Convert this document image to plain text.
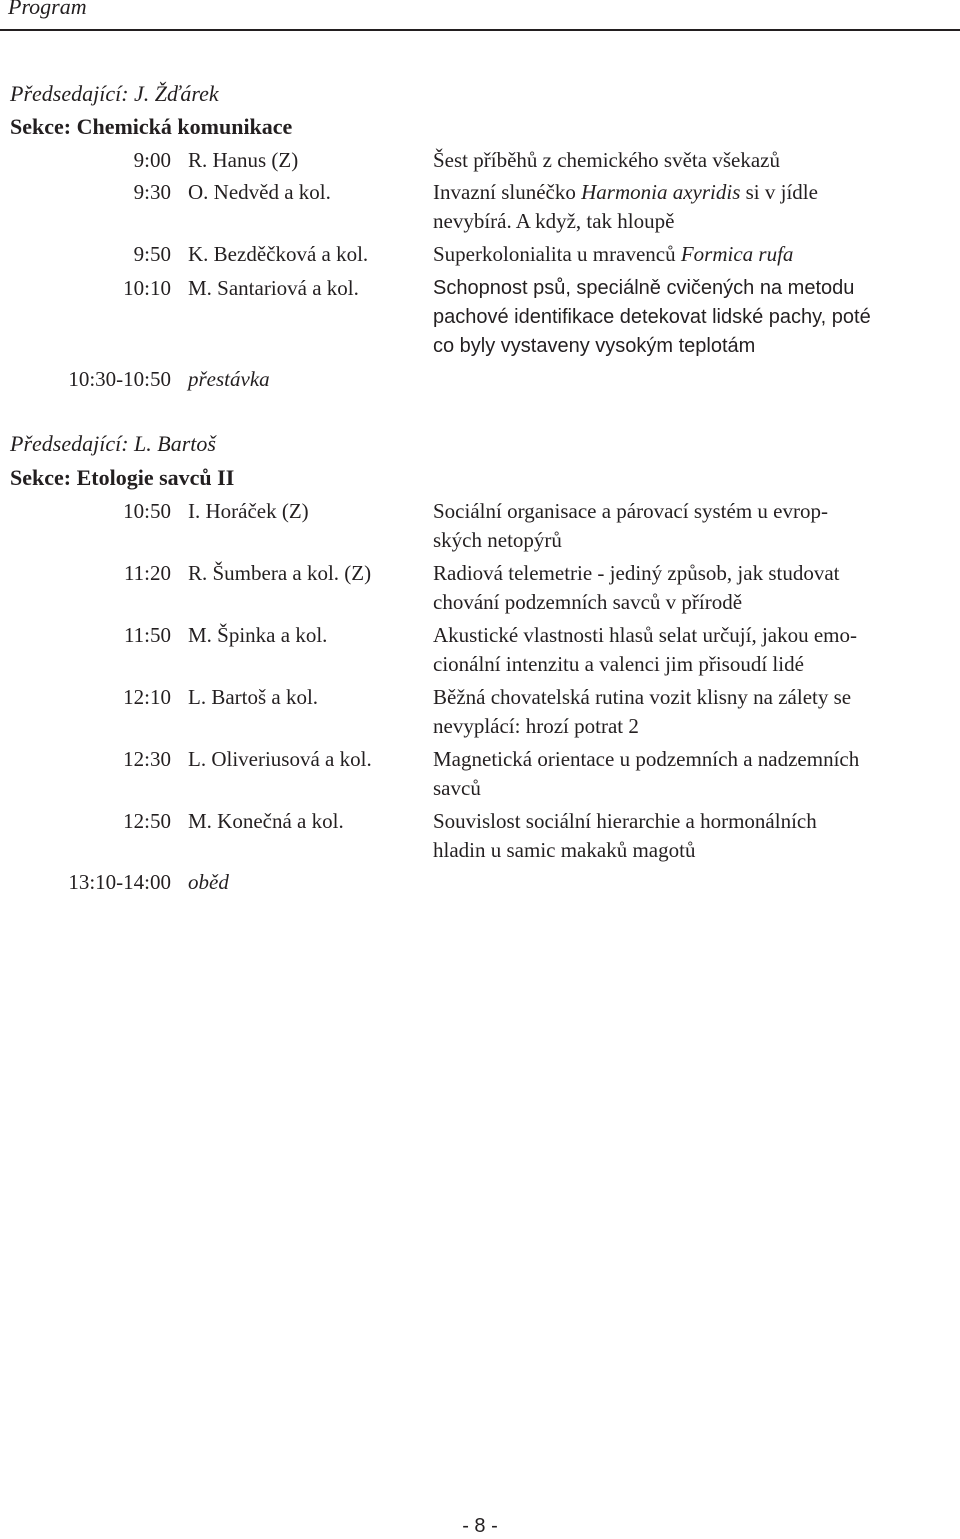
Program
Předsedající: J. Žďárek
Sekce: Chemická komunikace
9:00 R. Hanus (Z)	Šest příběhů z chemického světa všekazů
9:30 O. Nedvěd a kol.	Invazní slunéčko Harmonia axyridis si v jídle
nevybírá. A když, tak hloupě
9:50 K. Bezděčková a kol.	Superkolonialita u mravenců Formica rufa
10:10 M. Santariová a kol.	Schopnost psů, speciálně cvičených na metodu
pachové identifikace detekovat lidské pachy, poté
co byly vystaveny vysokým teplotám
10:30-10:50 přestávka
Předsedající: L. Bartoš
Sekce: Etologie savců II
10:50 I. Horáček (Z)	Sociální organisace a párovací systém u evrop-
ských netopýrů
11:20 R. Šumbera a kol. (Z)	Radiová telemetrie - jediný způsob, jak studovat
chování podzemních savců v přírodě
11:50 M. Špinka a kol.	Akustické vlastnosti hlasů selat určují, jakou emo-
cionální intenzitu a valenci jim přisoudí lidé
12:10 L. Bartoš a kol.	Běžná chovatelská rutina vozit klisny na zálety se
nevyplácí: hrozí potrat 2
12:30 L. Oliveriusová a kol.	Magnetická orientace u podzemních a nadzemních
savců
12:50 M. Konečná a kol.	Souvislost sociální hierarchie a hormonálních
hladin u samic makaků magotů
13:10-14:00 oběd
- 8 -
